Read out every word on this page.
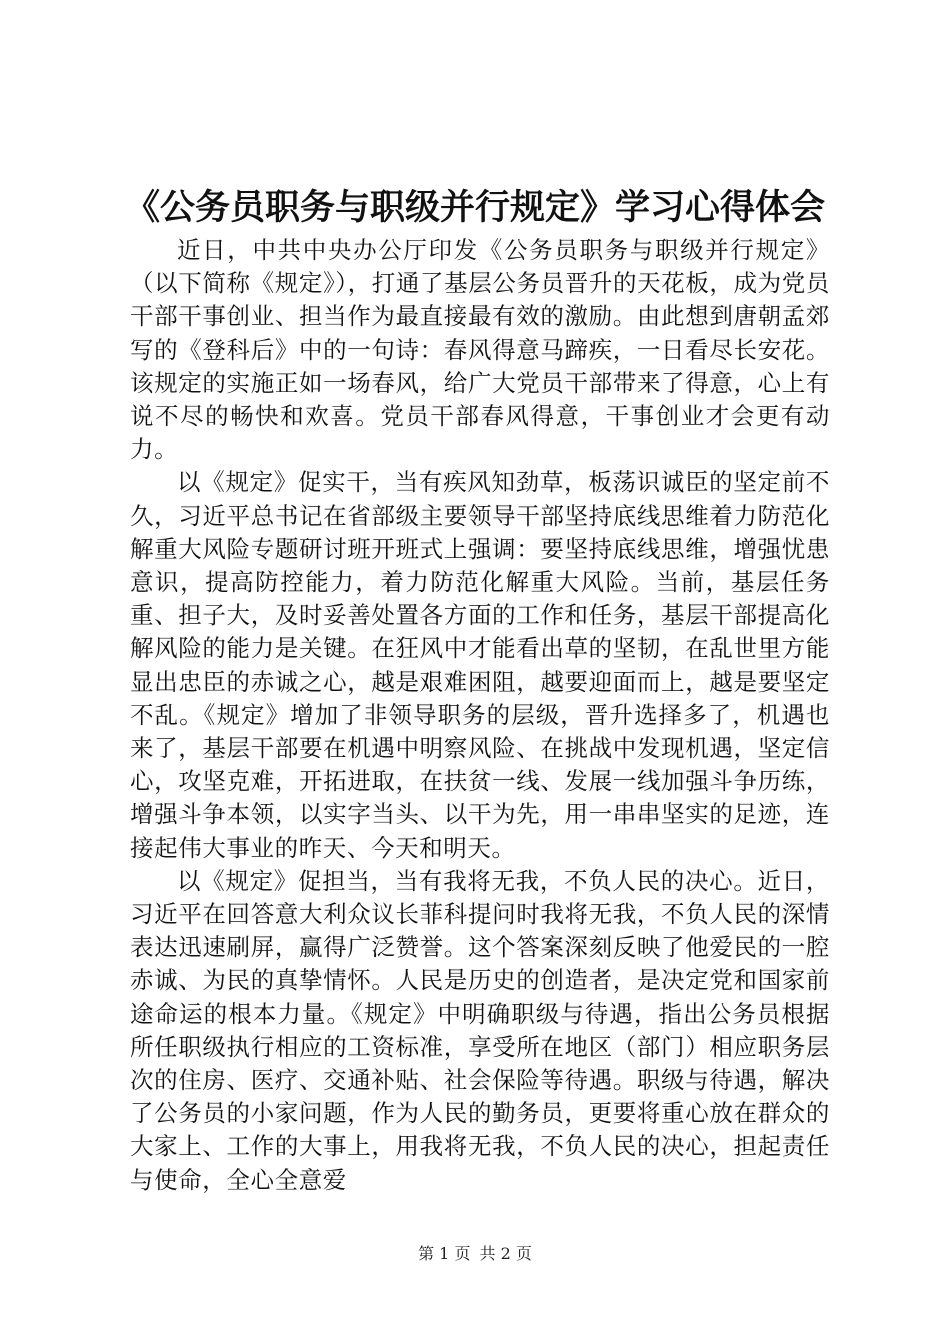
《公务员职务与职级并行规定》学习心得体会

近日，中共中央办公厅印发《公务员职务与职级并行规定》（以下简称《规定》），打通了基层公务员晋升的天花板，成为党员干部干事创业、担当作为最直接最有效的激励。由此想到唐朝孟郊写的《登科后》中的一句诗：春风得意马蹄疾，一日看尽长安花。该规定的实施正如一场春风，给广大党员干部带来了得意，心上有说不尽的畅快和欢喜。党员干部春风得意，干事创业才会更有动力。

以《规定》促实干，当有疾风知劲草，板荡识诚臣的坚定前不久，习近平总书记在省部级主要领导干部坚持底线思维着力防范化解重大风险专题研讨班开班式上强调：要坚持底线思维，增强忧患意识，提高防控能力，着力防范化解重大风险。当前，基层任务重、担子大，及时妥善处置各方面的工作和任务，基层干部提高化解风险的能力是关键。在狂风中才能看出草的坚韧，在乱世里方能显出忠臣的赤诚之心，越是艰难困阻，越要迎面而上，越是要坚定不乱。《规定》增加了非领导职务的层级，晋升选择多了，机遇也来了，基层干部要在机遇中明察风险、在挑战中发现机遇，坚定信心，攻坚克难，开拓进取，在扶贫一线、发展一线加强斗争历练，增强斗争本领，以实字当头、以干为先，用一串串坚实的足迹，连接起伟大事业的昨天、今天和明天。

以《规定》促担当，当有我将无我，不负人民的决心。近日，习近平在回答意大利众议长菲科提问时我将无我，不负人民的深情表达迅速刷屏，赢得广泛赞誉。这个答案深刻反映了他爱民的一腔赤诚、为民的真挚情怀。人民是历史的创造者，是决定党和国家前途命运的根本力量。《规定》中明确职级与待遇，指出公务员根据所任职级执行相应的工资标准，享受所在地区（部门）相应职务层次的住房、医疗、交通补贴、社会保险等待遇。职级与待遇，解决了公务员的小家问题，作为人民的勤务员，更要将重心放在群众的大家上、工作的大事上，用我将无我，不负人民的决心，担起责任与使命，全心全意爱

第 1 页 共 2 页
